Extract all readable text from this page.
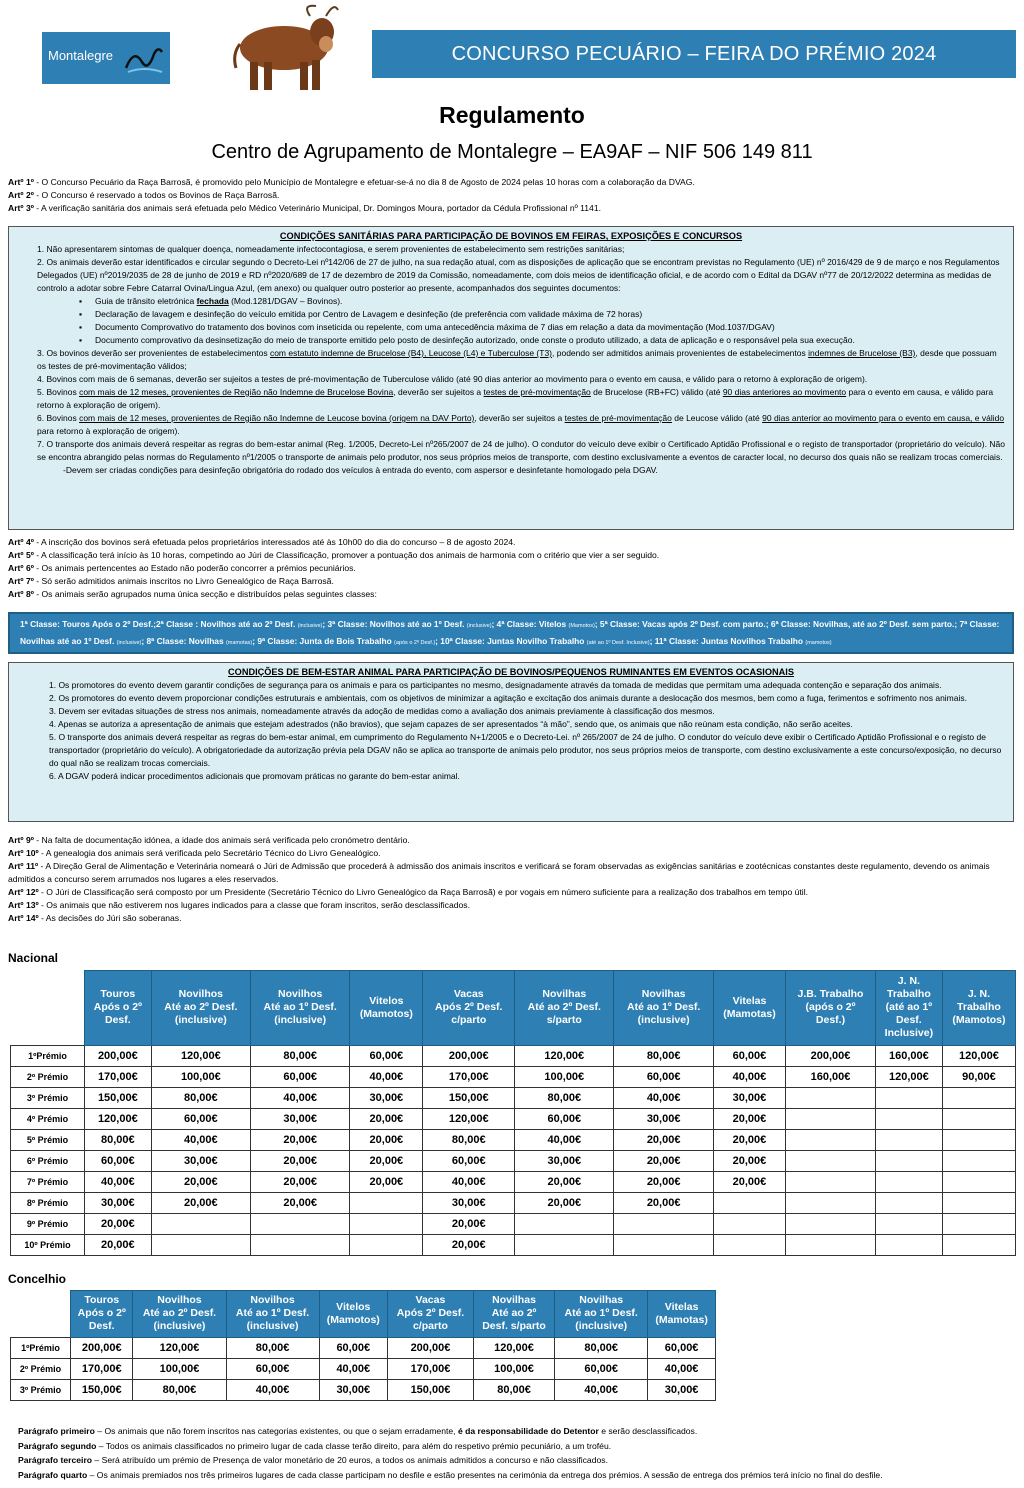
Montalegre	CONCURSO PECUÁRIO – FEIRA DO PRÉMIO 2024
Regulamento
Centro de Agrupamento de Montalegre – EA9AF – NIF 506 149 811
Artº 1º - O Concurso Pecuário da Raça Barrosã, é promovido pelo Município de Montalegre e efetuar-se-á no dia 8 de Agosto de 2024 pelas 10 horas com a colaboração da DVAG.
Artº 2º - O Concurso é reservado a todos os Bovinos de Raça Barrosã.
Artº 3º - A verificação sanitária dos animais será efetuada pelo Médico Veterinário Municipal, Dr. Domingos Moura, portador da Cédula Profissional nº 1141.
CONDIÇÕES SANITÁRIAS PARA PARTICIPAÇÃO DE BOVINOS EM FEIRAS, EXPOSIÇÕES E CONCURSOS
1. Não apresentarem sintomas de qualquer doença, nomeadamente infectocontagiosa, e serem provenientes de estabelecimento sem restrições sanitárias;
2. Os animais deverão estar identificados e circular segundo o Decreto-Lei nº142/06 de 27 de julho, na sua redação atual, com as disposições de aplicação que se encontram previstas no Regulamento (UE) nº 2016/429 de 9 de março e nos Regulamentos Delegados (UE) nº2019/2035 de 28 de junho de 2019 e RD nº2020/689 de 17 de dezembro de 2019 da Comissão, nomeadamente, com dois meios de identificação oficial, e de acordo com o Edital da DGAV nº77 de 20/12/2022 determina as medidas de controlo a adotar sobre Febre Catarral Ovina/Lingua Azul, (em anexo) ou qualquer outro posterior ao presente, acompanhados dos seguintes documentos:
▪ Guia de trânsito eletrónica fechada (Mod.1281/DGAV – Bovinos).
▪ Declaração de lavagem e desinfeção do veículo emitida por Centro de Lavagem e desinfeção (de preferência com validade máxima de 72 horas)
▪ Documento Comprovativo do tratamento dos bovinos com inseticida ou repelente, com uma antecedência máxima de 7 dias em relação a data da movimentação (Mod.1037/DGAV)
▪ Documento comprovativo da desinsetização do meio de transporte emitido pelo posto de desinfeção autorizado, onde conste o produto utilizado, a data de aplicação e o responsável pela sua execução.
3. Os bovinos deverão ser provenientes de estabelecimentos com estatuto indemne de Brucelose (B4), Leucose (L4) e Tuberculose (T3), podendo ser admitidos animais provenientes de estabelecimentos indemnes de Brucelose (B3), desde que possuam os testes de pré-movimentação válidos;
4. Bovinos com mais de 6 semanas, deverão ser sujeitos a testes de pré-movimentação de Tuberculose válido (até 90 dias anterior ao movimento para o evento em causa, e válido para o retorno à exploração de origem).
5. Bovinos com mais de 12 meses, provenientes de Região não Indemne de Brucelose Bovina, deverão ser sujeitos a testes de pré-movimentação de Brucelose (RB+FC) válido (até 90 dias anteriores ao movimento para o evento em causa, e válido para retorno à exploração de origem).
6. Bovinos com mais de 12 meses, provenientes de Região não Indemne de Leucose bovina (origem na DAV Porto), deverão ser sujeitos a testes de pré-movimentação de Leucose válido (até 90 dias anterior ao movimento para o evento em causa, e válido para retorno à exploração de origem).
7. O transporte dos animais deverá respeitar as regras do bem-estar animal (Reg. 1/2005, Decreto-Lei nº265/2007 de 24 de julho). O condutor do veículo deve exibir o Certificado Aptidão Profissional e o registo de transportador (proprietário do veículo). Não se encontra abrangido pelas normas do Regulamento nº1/2005 o transporte de animais pelo produtor, nos seus próprios meios de transporte, com destino exclusivamente a eventos de caracter local, no decurso dos quais não se realizam trocas comerciais.
-Devem ser criadas condições para desinfeção obrigatória do rodado dos veículos à entrada do evento, com aspersor e desinfetante homologado pela DGAV.
Artº 4º - A inscrição dos bovinos será efetuada pelos proprietários interessados até às 10h00 do dia do concurso – 8 de agosto 2024.
Artº 5º - A classificação terá início às 10 horas, competindo ao Júri de Classificação, promover a pontuação dos animais de harmonia com o critério que vier a ser seguido.
Artº 6º - Os animais pertencentes ao Estado não poderão concorrer a prémios pecuniários.
Artº 7º - Só serão admitidos animais inscritos no Livro Genealógico de Raça Barrosã.
Artº 8º - Os animais serão agrupados numa única secção e distribuídos pelas seguintes classes:
1ª Classe: Touros Após o 2º Desf.;2ª Classe : Novilhos até ao 2º Desf. (inclusive); 3ª Classe: Novilhos até ao 1º Desf. (inclusive); 4ª Classe: Vitelos (Mamotos); 5ª Classe: Vacas após 2º Desf. com parto.; 6ª Classe: Novilhas, até ao 2º Desf. sem parto.; 7ª Classe: Novilhas até ao 1º Desf. (inclusive); 8ª Classe: Novilhas (mamotas); 9ª Classe: Junta de Bois Trabalho (após o 2º Desf.); 10ª Classe: Juntas Novilho Trabalho (até ao 1º Desf. Inclusive); 11ª Classe: Juntas Novilhos Trabalho (mamotos)
CONDIÇÕES DE BEM-ESTAR ANIMAL PARA PARTICIPAÇÃO DE BOVINOS/PEQUENOS RUMINANTES EM EVENTOS OCASIONAIS
1. Os promotores do evento devem garantir condições de segurança para os animais e para os participantes no mesmo, designadamente através da tomada de medidas que permitam uma adequada contenção e separação dos animais.
2. Os promotores do evento devem proporcionar condições estruturais e ambientais, com os objetivos de minimizar a agitação e excitação dos animais durante a deslocação dos mesmos, bem como a fuga, ferimentos e sofrimento nos animais.
3. Devem ser evitadas situações de stress nos animais, nomeadamente através da adoção de medidas como a avaliação dos animais previamente à classificação dos mesmos.
4. Apenas se autoriza a apresentação de animais que estejam adestrados (não bravios), que sejam capazes de ser apresentados “à mão”, sendo que, os animais que não reúnam esta condição, não serão aceites.
5. O transporte dos animais deverá respeitar as regras do bem-estar animal, em cumprimento do Regulamento N+1/2005 e o Decreto-Lei. nº 265/2007 de 24 de julho. O condutor do veículo deve exibir o Certificado Aptidão Profissional e o registo de transportador (proprietário do veículo). A obrigatoriedade da autorização prévia pela DGAV não se aplica ao transporte de animais pelo produtor, nos seus próprios meios de transporte, com destino exclusivamente a este concurso/exposição, no decurso do qual não se realizam trocas comerciais.
6. A DGAV poderá indicar procedimentos adicionais que promovam práticas no garante do bem-estar animal.
Artº 9º - Na falta de documentação idónea, a idade dos animais será verificada pelo cronómetro dentário.
Artº 10º - A genealogia dos animais será verificada pelo Secretário Técnico do Livro Genealógico.
Artº 11º - A Direção Geral de Alimentação e Veterinária nomeará o Júri de Admissão que procederá à admissão dos animais inscritos e verificará se foram observadas as exigências sanitárias e zootécnicas constantes deste regulamento, devendo os animais admitidos a concurso serem arrumados nos lugares a eles reservados.
Artº 12º - O Júri de Classificação será composto por um Presidente (Secretário Técnico do Livro Genealógico da Raça Barrosã) e por vogais em número suficiente para a realização dos trabalhos em tempo útil.
Artº 13º - Os animais que não estiverem nos lugares indicados para a classe que foram inscritos, serão desclassificados.
Artº 14º - As decisões do Júri são soberanas.
Nacional
	Touros
Após o 2º
Desf.	Novilhos
Até ao 2º Desf.
(inclusive)	Novilhos
Até ao 1º Desf.
(inclusive)	Vitelos
(Mamotos)	Vacas
Após 2º Desf.
c/parto	Novilhas
Até ao 2º Desf.
s/parto	Novilhas
Até ao 1º Desf.
(inclusive)	Vitelas
(Mamotas)	J.B. Trabalho
(após o 2º
Desf.)	J. N.
Trabalho
(até ao 1º
Desf.
Inclusive)	J. N.
Trabalho
(Mamotos)
1ºPrémio	200,00€	120,00€	80,00€	60,00€	200,00€	120,00€	80,00€	60,00€	200,00€	160,00€	120,00€
2º Prémio	170,00€	100,00€	60,00€	40,00€	170,00€	100,00€	60,00€	40,00€	160,00€	120,00€	90,00€
3º Prémio	150,00€	80,00€	40,00€	30,00€	150,00€	80,00€	40,00€	30,00€			
4º Prémio	120,00€	60,00€	30,00€	20,00€	120,00€	60,00€	30,00€	20,00€			
5º Prémio	80,00€	40,00€	20,00€	20,00€	80,00€	40,00€	20,00€	20,00€			
6º Prémio	60,00€	30,00€	20,00€	20,00€	60,00€	30,00€	20,00€	20,00€			
7º Prémio	40,00€	20,00€	20,00€	20,00€	40,00€	20,00€	20,00€	20,00€			
8º Prémio	30,00€	20,00€	20,00€		30,00€	20,00€	20,00€				
9º Prémio	20,00€				20,00€						
10º Prémio	20,00€				20,00€						
Concelhio
	Touros
Após o 2º
Desf.	Novilhos
Até ao 2º Desf.
(inclusive)	Novilhos
Até ao 1º Desf.
(inclusive)	Vitelos
(Mamotos)	Vacas
Após 2º Desf.
c/parto	Novilhas
Até ao 2º
Desf. s/parto	Novilhas
Até ao 1º Desf.
(inclusive)	Vitelas
(Mamotas)
1ºPrémio	200,00€	120,00€	80,00€	60,00€	200,00€	120,00€	80,00€	60,00€
2º Prémio	170,00€	100,00€	60,00€	40,00€	170,00€	100,00€	60,00€	40,00€
3º Prémio	150,00€	80,00€	40,00€	30,00€	150,00€	80,00€	40,00€	30,00€
Parágrafo primeiro – Os animais que não forem inscritos nas categorias existentes, ou que o sejam erradamente, é da responsabilidade do Detentor e serão desclassificados.
Parágrafo segundo – Todos os animais classificados no primeiro lugar de cada classe terão direito, para além do respetivo prémio pecuniário, a um troféu.
Parágrafo terceiro – Será atribuído um prémio de Presença de valor monetário de 20 euros, a todos os animais admitidos a concurso e não classificados.
Parágrafo quarto – Os animais premiados nos três primeiros lugares de cada classe participam no desfile e estão presentes na cerimónia da entrega dos prémios. A sessão de entrega dos prémios terá início no final do desfile.
